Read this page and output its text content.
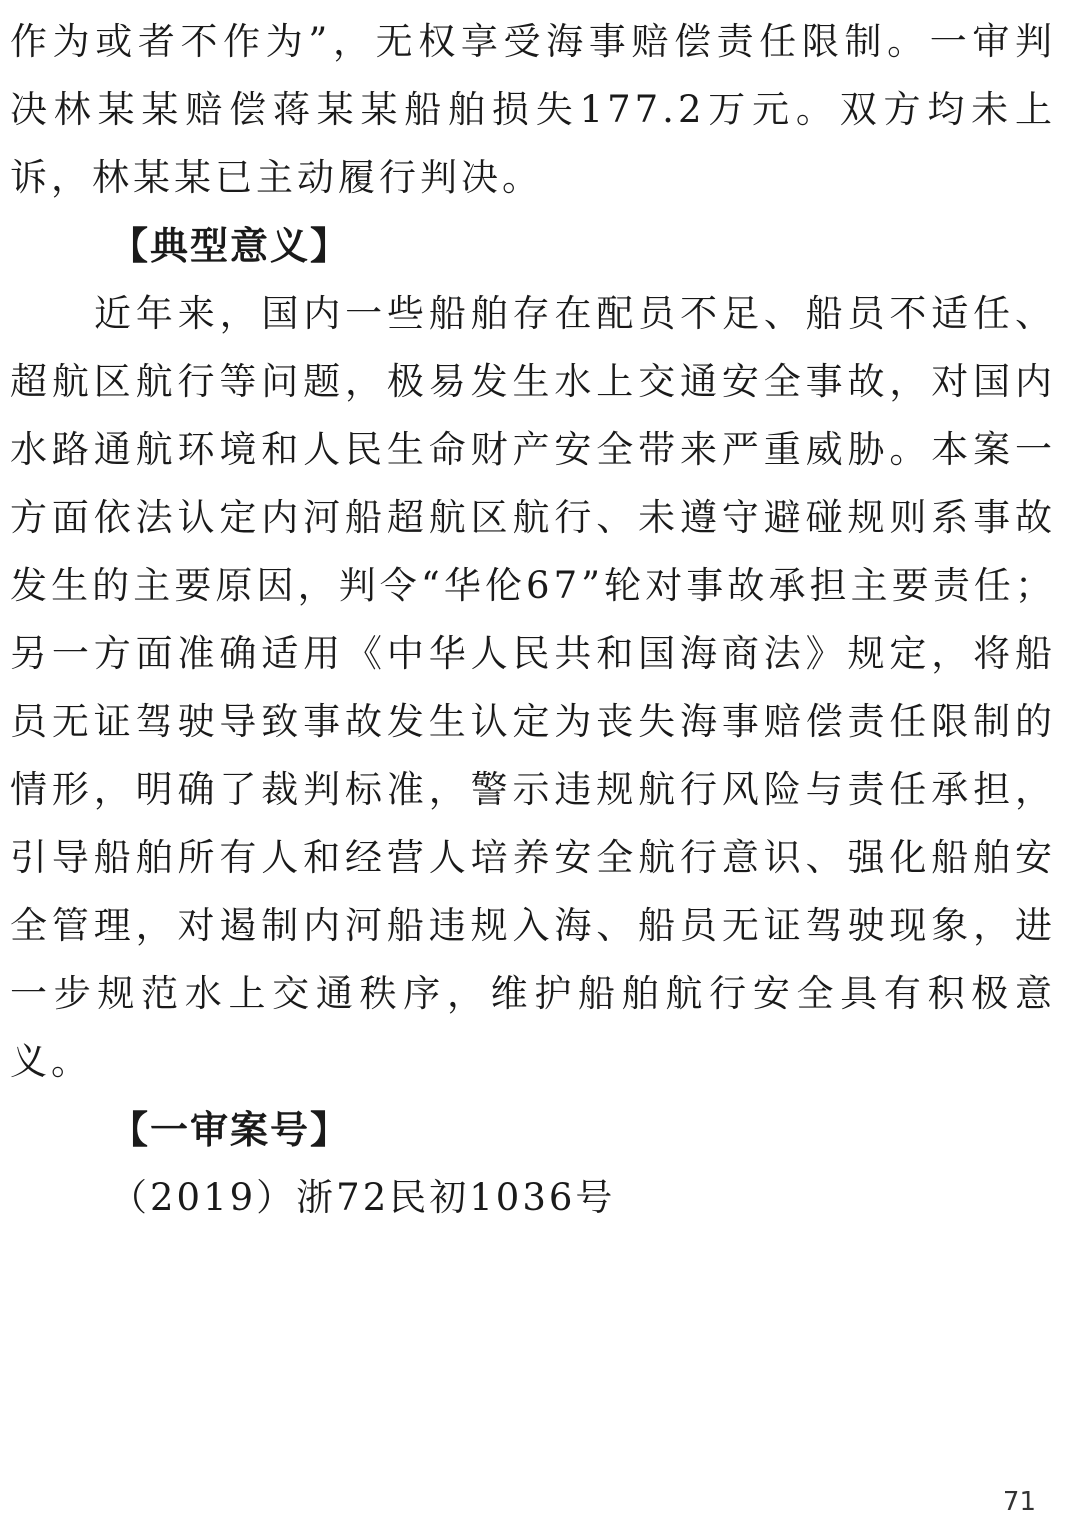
作为或者不作为”，无权享受海事赔偿责任限制。一审判决林某某赔偿蒋某某船舶损失177.2万元。双方均未上诉，林某某已主动履行判决。

【典型意义】

近年来，国内一些船舶存在配员不足、船员不适任、超航区航行等问题，极易发生水上交通安全事故，对国内水路通航环境和人民生命财产安全带来严重威胁。本案一方面依法认定内河船超航区航行、未遵守避碰规则系事故发生的主要原因，判令“华伦67”轮对事故承担主要责任；另一方面准确适用《中华人民共和国海商法》规定，将船员无证驾驶导致事故发生认定为丧失海事赔偿责任限制的情形，明确了裁判标准，警示违规航行风险与责任承担，引导船舶所有人和经营人培养安全航行意识、强化船舶安全管理，对遏制内河船违规入海、船员无证驾驶现象，进一步规范水上交通秩序，维护船舶航行安全具有积极意义。

【一审案号】

（2019）浙72民初1036号

71
